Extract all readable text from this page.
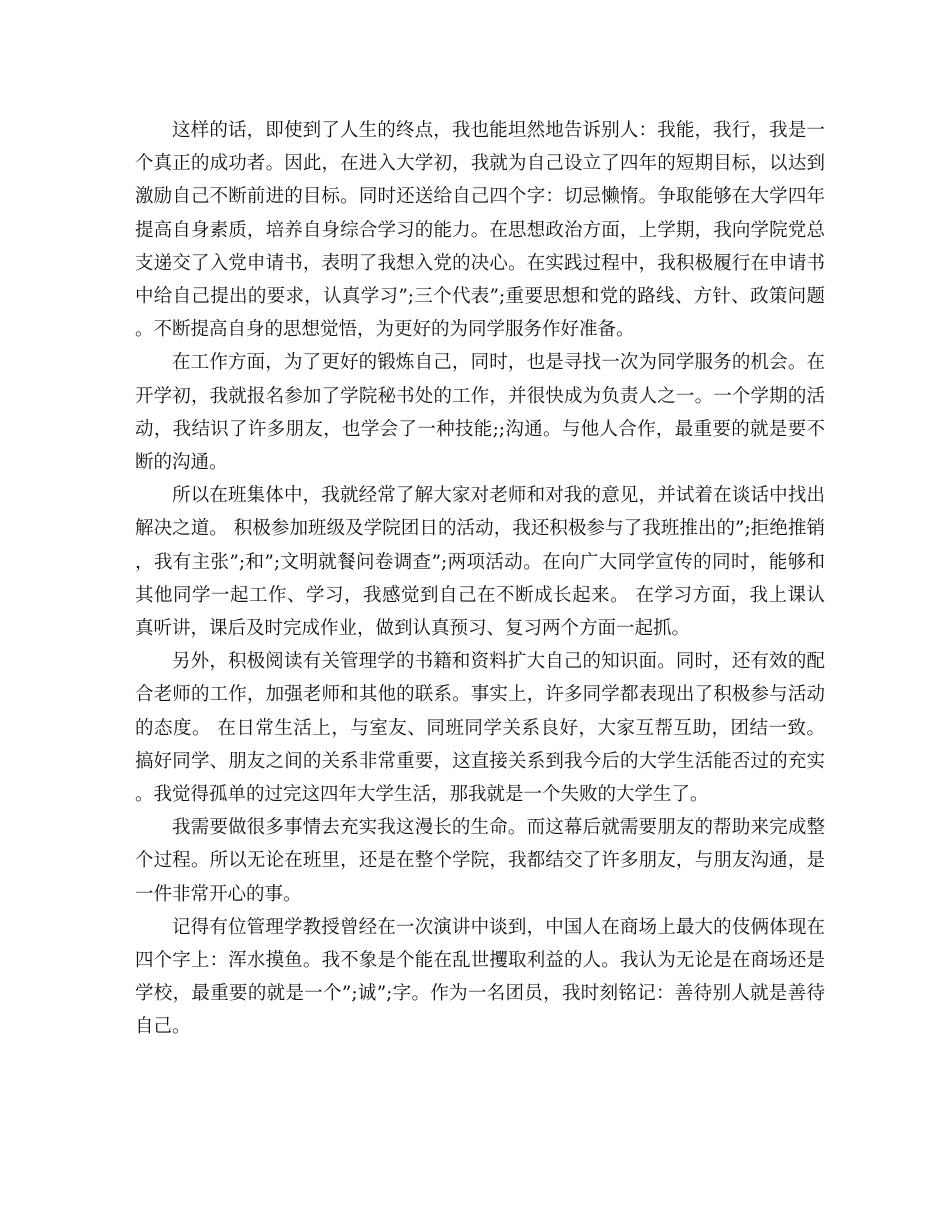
这样的话，即使到了人生的终点，我也能坦然地告诉别人：我能，我行，我是一个真正的成功者。因此，在进入大学初，我就为自己设立了四年的短期目标，以达到激励自己不断前进的目标。同时还送给自己四个字：切忌懒惰。争取能够在大学四年提高自身素质，培养自身综合学习的能力。在思想政治方面，上学期，我向学院党总支递交了入党申请书，表明了我想入党的决心。在实践过程中，我积极履行在申请书中给自己提出的要求，认真学习”;三个代表”;重要思想和党的路线、方针、政策问题。不断提高自身的思想觉悟，为更好的为同学服务作好准备。

在工作方面，为了更好的锻炼自己，同时，也是寻找一次为同学服务的机会。在开学初，我就报名参加了学院秘书处的工作，并很快成为负责人之一。一个学期的活动，我结识了许多朋友，也学会了一种技能;;沟通。与他人合作，最重要的就是要不断的沟通。

所以在班集体中，我就经常了解大家对老师和对我的意见，并试着在谈话中找出解决之道。 积极参加班级及学院团日的活动，我还积极参与了我班推出的”;拒绝推销，我有主张”;和”;文明就餐问卷调查”;两项活动。在向广大同学宣传的同时，能够和其他同学一起工作、学习，我感觉到自己在不断成长起来。 在学习方面，我上课认真听讲，课后及时完成作业，做到认真预习、复习两个方面一起抓。

另外，积极阅读有关管理学的书籍和资料扩大自己的知识面。同时，还有效的配合老师的工作，加强老师和其他的联系。事实上，许多同学都表现出了积极参与活动的态度。 在日常生活上，与室友、同班同学关系良好，大家互帮互助，团结一致。搞好同学、朋友之间的关系非常重要，这直接关系到我今后的大学生活能否过的充实。我觉得孤单的过完这四年大学生活，那我就是一个失败的大学生了。

我需要做很多事情去充实我这漫长的生命。而这幕后就需要朋友的帮助来完成整个过程。所以无论在班里，还是在整个学院，我都结交了许多朋友，与朋友沟通，是一件非常开心的事。

记得有位管理学教授曾经在一次演讲中谈到，中国人在商场上最大的伎俩体现在四个字上：浑水摸鱼。我不象是个能在乱世攫取利益的人。我认为无论是在商场还是学校，最重要的就是一个”;诚”;字。作为一名团员，我时刻铭记：善待别人就是善待自己。
